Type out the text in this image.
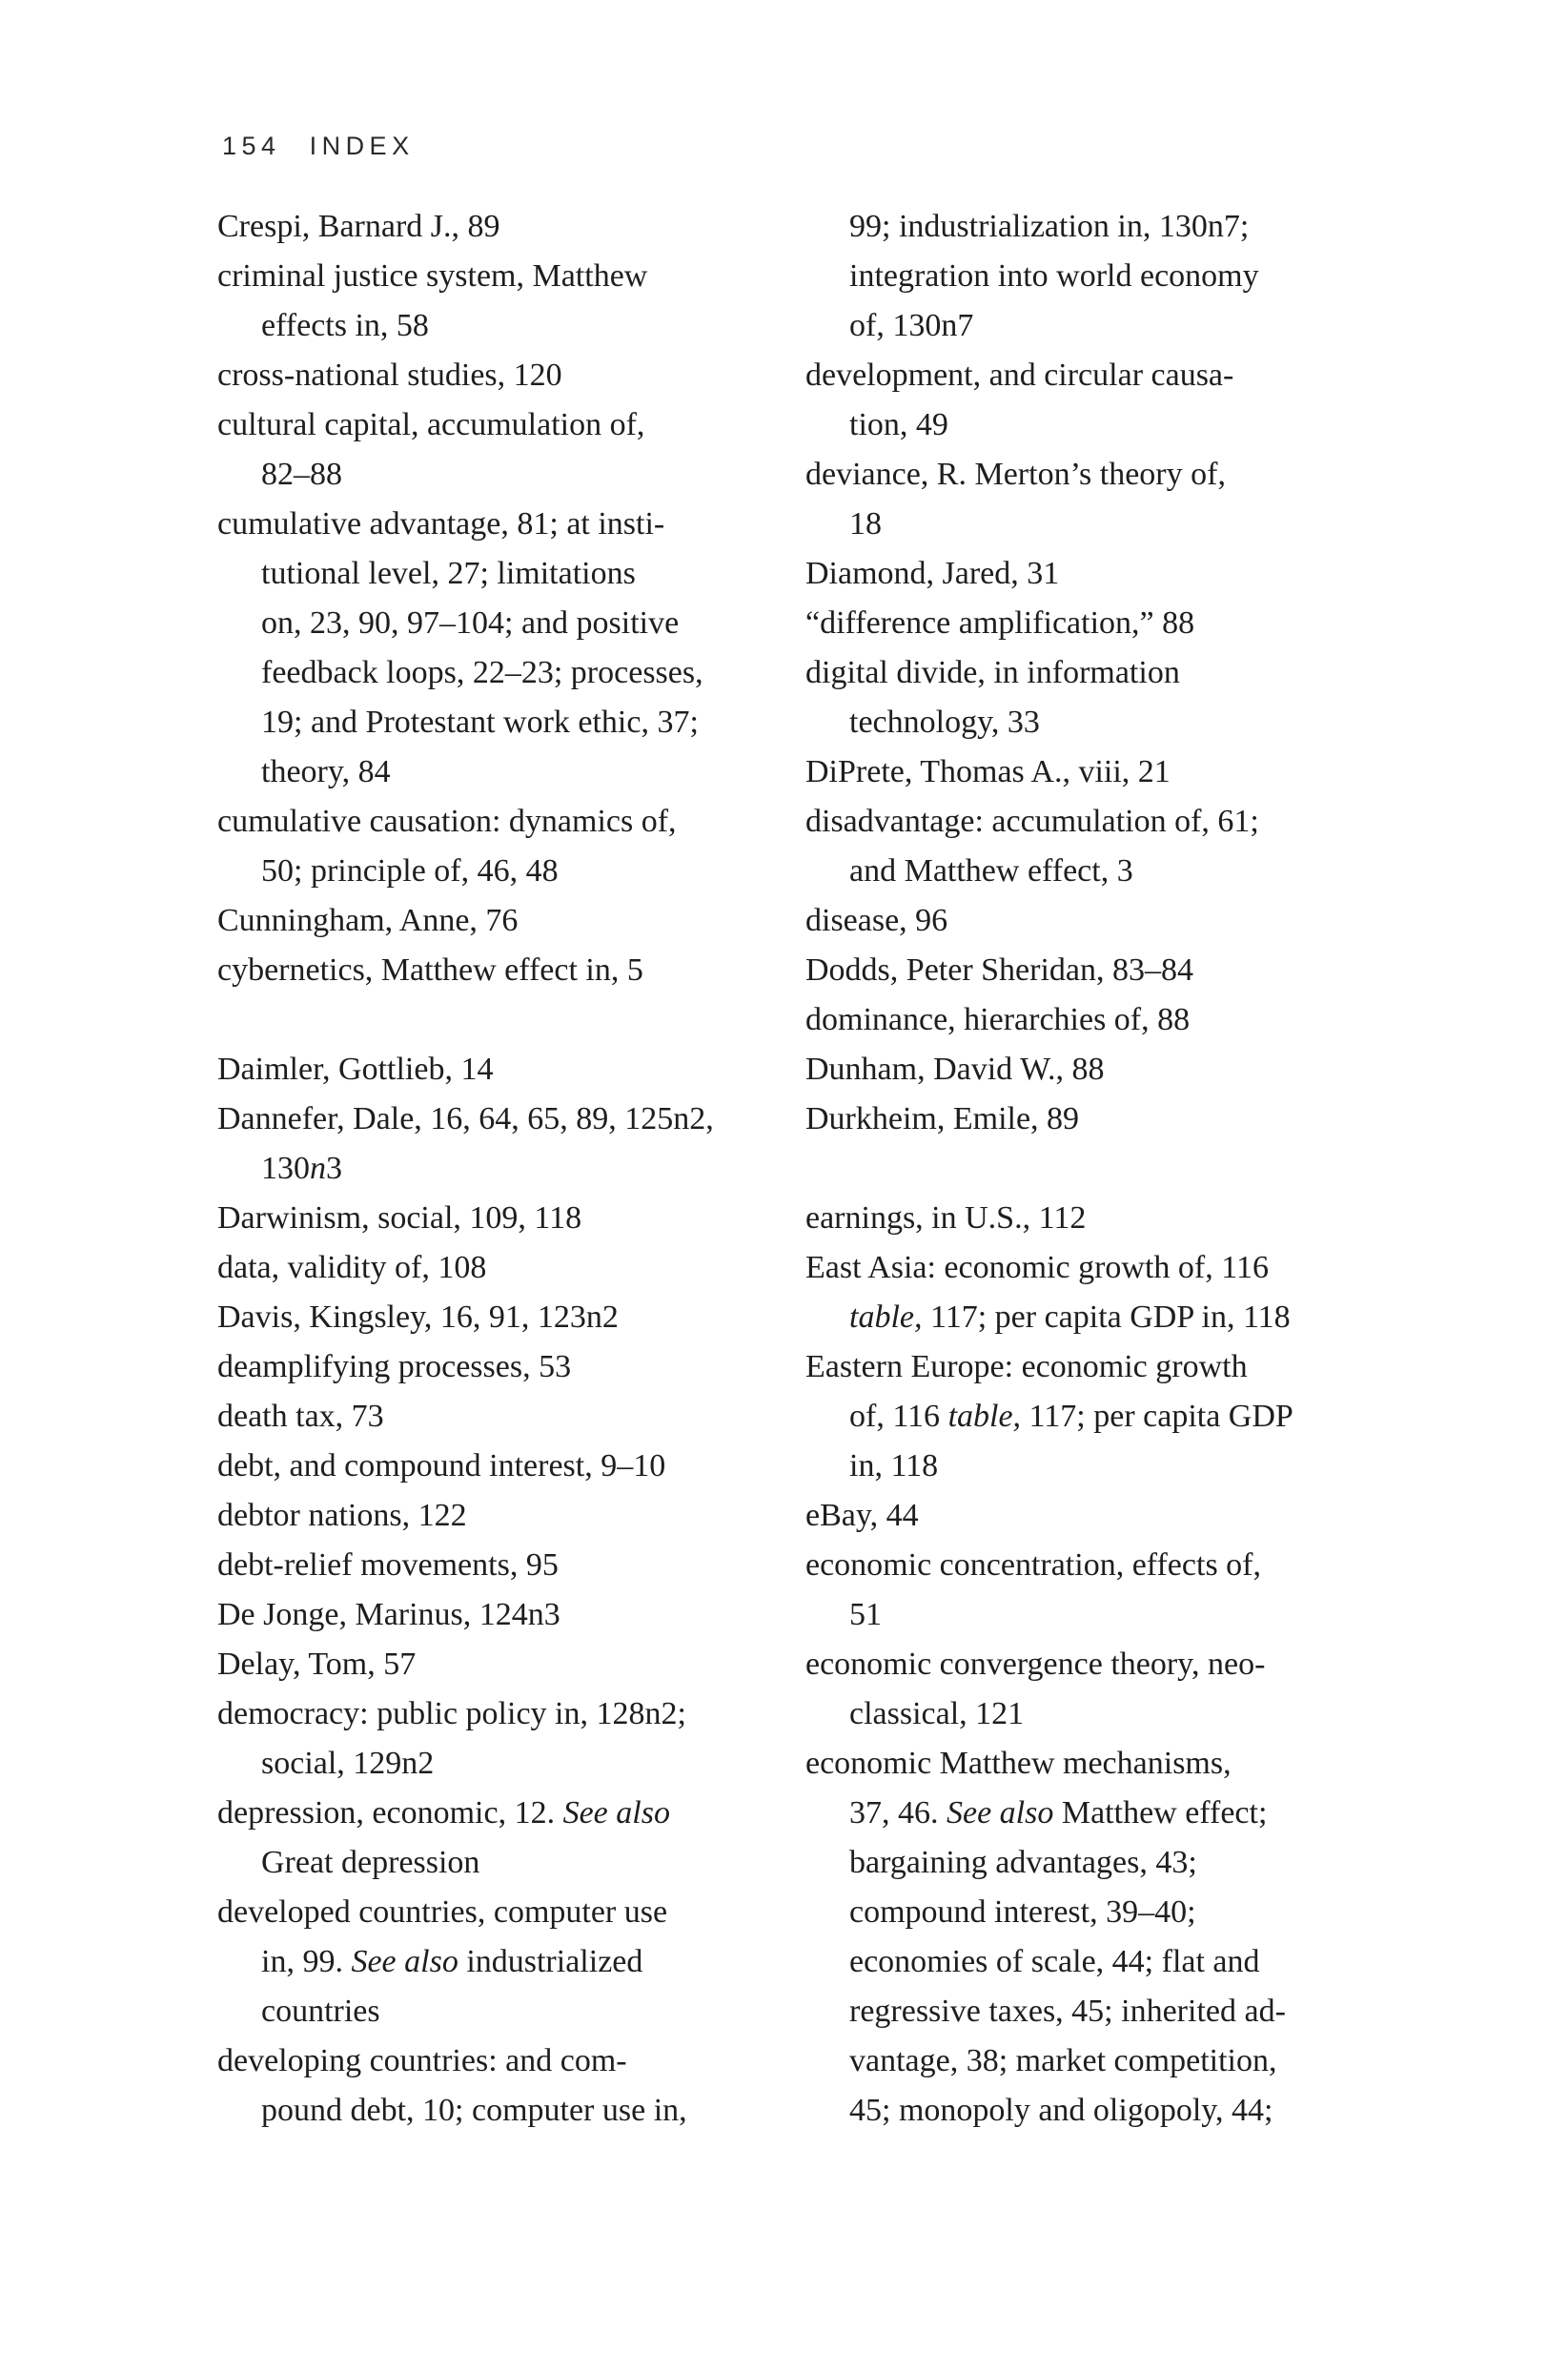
154 INDEX
Crespi, Barnard J., 89
criminal justice system, Matthew
effects in, 58
cross-national studies, 120
cultural capital, accumulation of,
82–88
cumulative advantage, 81; at insti-
tutional level, 27; limitations
on, 23, 90, 97–104; and positive
feedback loops, 22–23; processes,
19; and Protestant work ethic, 37;
theory, 84
cumulative causation: dynamics of,
50; principle of, 46, 48
Cunningham, Anne, 76
cybernetics, Matthew effect in, 5
Daimler, Gottlieb, 14
Dannefer, Dale, 16, 64, 65, 89, 125n2,
130n3
Darwinism, social, 109, 118
data, validity of, 108
Davis, Kingsley, 16, 91, 123n2
deamplifying processes, 53
death tax, 73
debt, and compound interest, 9–10
debtor nations, 122
debt-relief movements, 95
De Jonge, Marinus, 124n3
Delay, Tom, 57
democracy: public policy in, 128n2;
social, 129n2
depression, economic, 12. See also
Great depression
developed countries, computer use
in, 99. See also industrialized
countries
developing countries: and com-
pound debt, 10; computer use in,
99; industrialization in, 130n7;
integration into world economy
of, 130n7
development, and circular causa-
tion, 49
deviance, R. Merton’s theory of,
18
Diamond, Jared, 31
“difference amplification,” 88
digital divide, in information
technology, 33
DiPrete, Thomas A., viii, 21
disadvantage: accumulation of, 61;
and Matthew effect, 3
disease, 96
Dodds, Peter Sheridan, 83–84
dominance, hierarchies of, 88
Dunham, David W., 88
Durkheim, Emile, 89
earnings, in U.S., 112
East Asia: economic growth of, 116
table, 117; per capita GDP in, 118
Eastern Europe: economic growth
of, 116 table, 117; per capita GDP
in, 118
eBay, 44
economic concentration, effects of,
51
economic convergence theory, neo-
classical, 121
economic Matthew mechanisms,
37, 46. See also Matthew effect;
bargaining advantages, 43;
compound interest, 39–40;
economies of scale, 44; flat and
regressive taxes, 45; inherited ad-
vantage, 38; market competition,
45; monopoly and oligopoly, 44;
